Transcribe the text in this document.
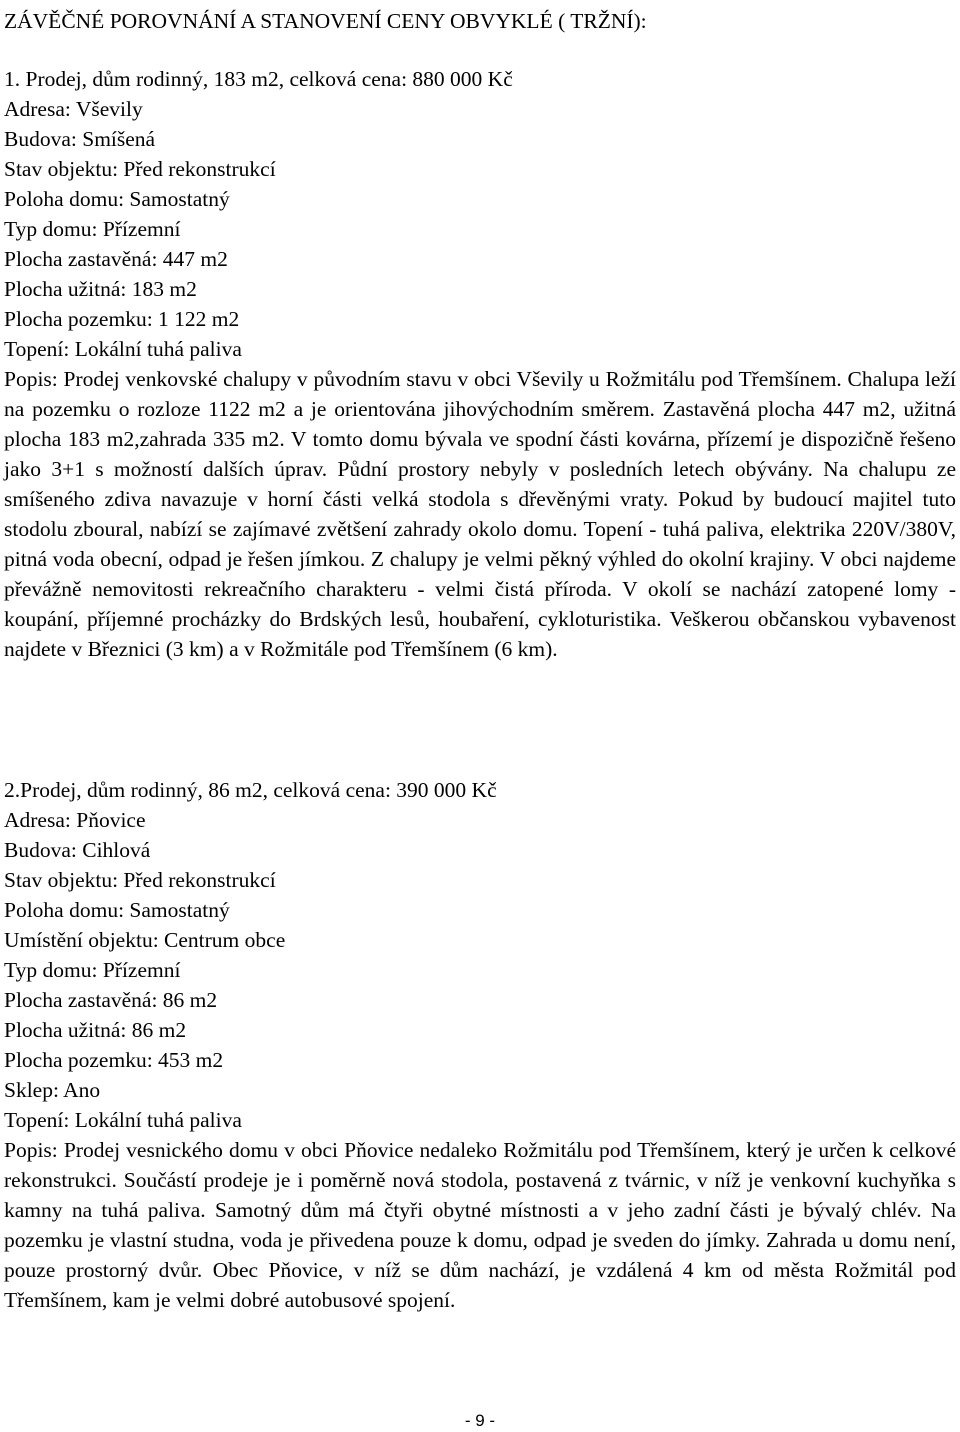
ZÁVĚČNÉ POROVNÁNÍ A STANOVENÍ CENY OBVYKLÉ ( TRŽNÍ):

1. Prodej, dům rodinný, 183 m2, celková cena: 880 000 Kč

Adresa: Vševily

Budova: Smíšená

Stav objektu: Před rekonstrukcí

Poloha domu: Samostatný

Typ domu: Přízemní

Plocha zastavěná: 447 m2

Plocha užitná: 183 m2

Plocha pozemku: 1 122 m2

Topení: Lokální tuhá paliva

Popis: Prodej venkovské chalupy v původním stavu v obci Vševily u Rožmitálu pod Třemšínem. Chalupa leží na pozemku o rozloze 1122 m2 a je orientována jihovýchodním směrem. Zastavěná plocha 447 m2, užitná plocha 183 m2,zahrada 335 m2. V tomto domu bývala ve spodní části kovárna, přízemí je dispozičně řešeno jako 3+1 s možností dalších úprav. Půdní prostory nebyly v posledních letech obývány. Na chalupu ze smíšeného zdiva navazuje v horní části velká stodola s dřevěnými vraty. Pokud by budoucí majitel tuto stodolu zboural, nabízí se zajímavé zvětšení zahrady okolo domu. Topení - tuhá paliva, elektrika 220V/380V, pitná voda obecní, odpad je řešen jímkou. Z chalupy je velmi pěkný výhled do okolní krajiny. V obci najdeme převážně nemovitosti rekreačního charakteru - velmi čistá příroda. V okolí se nachází zatopené lomy - koupání, příjemné procházky do Brdských lesů, houbaření, cykloturistika. Veškerou občanskou vybavenost najdete v Březnici (3 km) a v Rožmitále pod Třemšínem (6 km).

2.Prodej, dům rodinný, 86 m2, celková cena: 390 000 Kč

Adresa: Pňovice

Budova: Cihlová

Stav objektu: Před rekonstrukcí

Poloha domu: Samostatný

Umístění objektu: Centrum obce

Typ domu: Přízemní

Plocha zastavěná: 86 m2

Plocha užitná: 86 m2

Plocha pozemku: 453 m2

Sklep: Ano

Topení: Lokální tuhá paliva

Popis: Prodej vesnického domu v obci Pňovice nedaleko Rožmitálu pod Třemšínem, který je určen k celkové rekonstrukci. Součástí prodeje je i poměrně nová stodola, postavená z tvárnic, v níž je venkovní kuchyňka s kamny na tuhá paliva. Samotný dům má čtyři obytné místnosti a v jeho zadní části je bývalý chlév. Na pozemku je vlastní studna, voda je přivedena pouze k domu, odpad je sveden do jímky. Zahrada u domu není, pouze prostorný dvůr. Obec Pňovice, v níž se dům nachází, je vzdálená 4 km od města Rožmitál pod Třemšínem, kam je velmi dobré autobusové spojení.

- 9 -
